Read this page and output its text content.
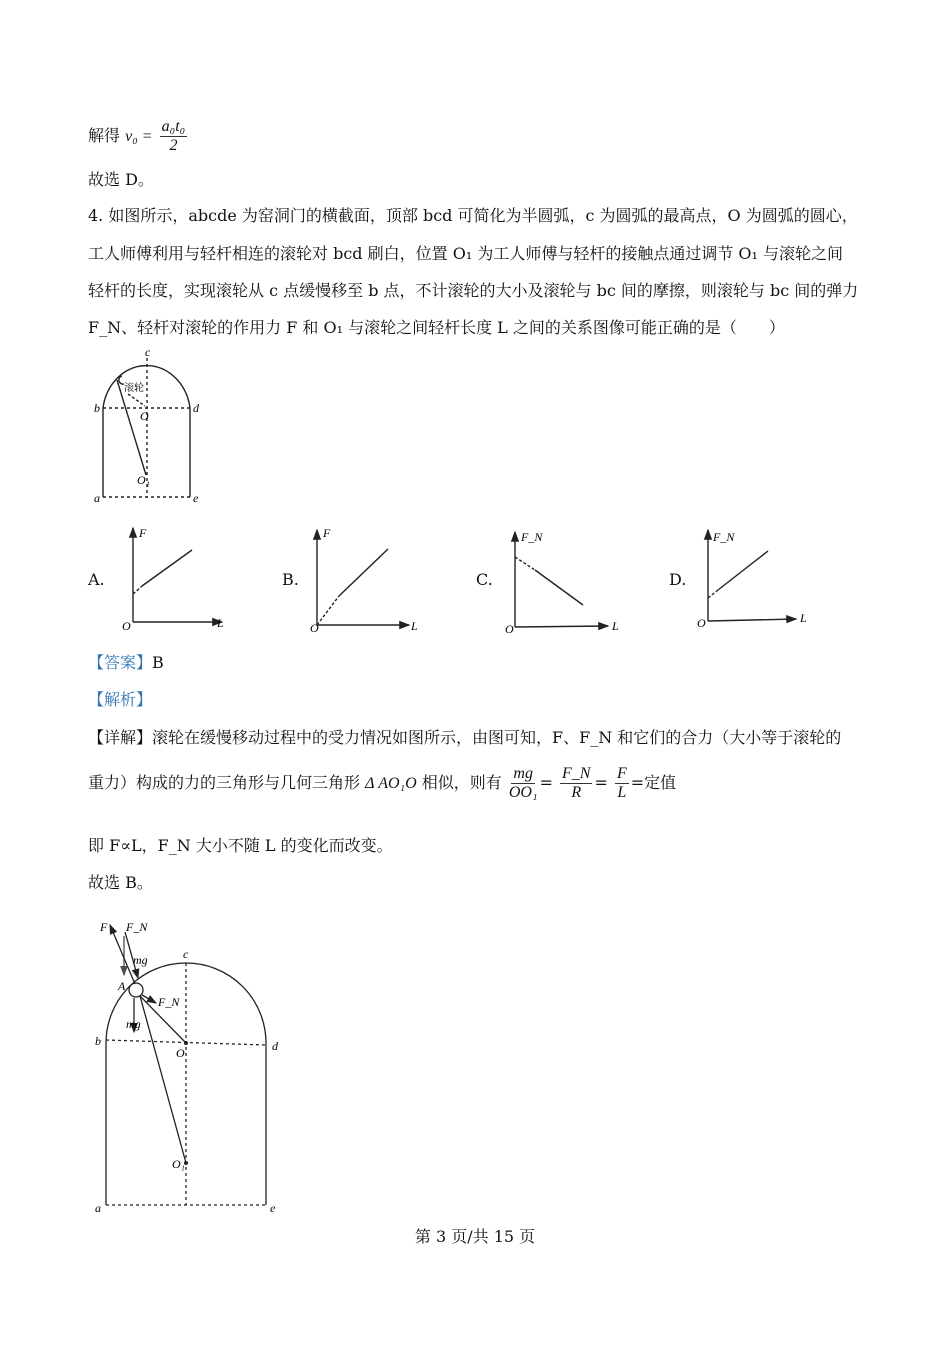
解得 $v_0 = \frac{\text{a₀t₀}}{2}$
故选 D。
4. 如图所示，abcde 为窑洞门的横截面，顶部 bcd 可简化为半圆弧，c 为圆弧的最高点，O 为圆弧的圆心，
工人师傅利用与轻杆相连的滚轮对 bcd 刷白，位置 O₁ 为工人师傅与轻杆的接触点通过调节 O₁ 与滚轮之间
轻杆的长度，实现滚轮从 c 点缓慢移至 b 点，不计滚轮的大小及滚轮与 bc 间的摩擦，则滚轮与 bc 间的弹力
F_N、轻杆对滚轮的作用力 F 和 O₁ 与滚轮之间轻杆长度 L 之间的关系图像可能正确的是（　　）
c
b	d
O
O₁
a	e
滚轮
A.	B.	C.	D.
F
L
O
F
L
O
F_N
L
O
F_N
L
O
【答案】B
【解析】
【详解】滚轮在缓慢移动过程中的受力情况如图所示，由图可知，F、F_N 和它们的合力（大小等于滚轮的
重力）构成的力的三角形与几何三角形 Δ AO₁O 相似，则有 $\frac{mg}{\text{OO₁}} = \frac{F\_N}{R} = \frac{F}{L}$ =定值
即 F∝L，F_N 大小不随 L 的变化而改变。
故选 B。
F F_N
mg
A
F_N
mg
c
b	d
O
O₁
a	e
第 3 页/共 15 页
